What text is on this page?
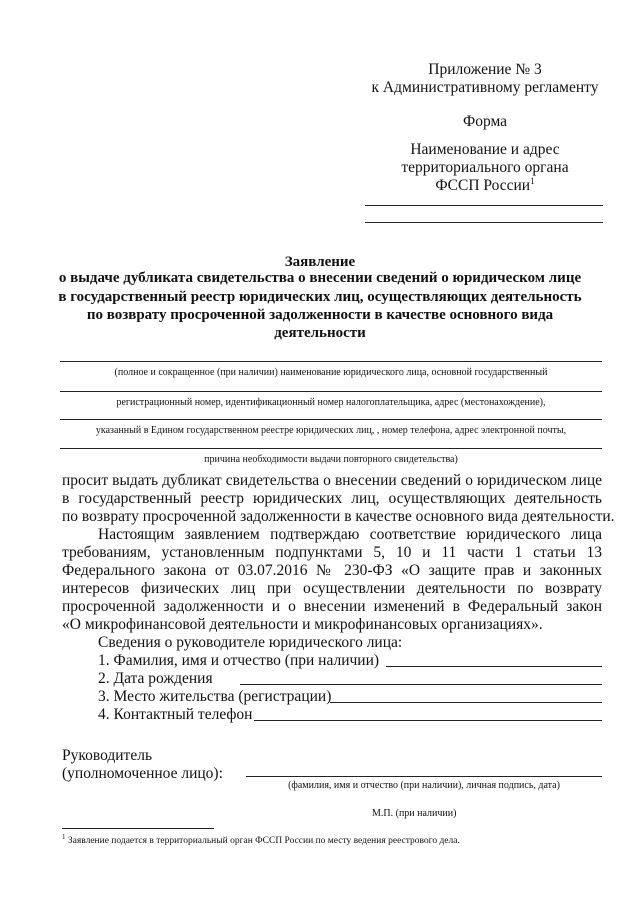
Приложение № 3
к Административному регламенту
Форма
Наименование и адрес
территориального органа
ФССП России$^1$
Заявление
о выдаче дубликата свидетельства о внесении сведений о юридическом лице
в государственный реестр юридических лиц, осуществляющих деятельность
по возврату просроченной задолженности в качестве основного вида
деятельности
(полное и сокращенное (при наличии) наименование юридического лица, основной государственный
регистрационный номер, идентификационный номер налогоплательщика, адрес (местонахождение),
указанный в Едином государственном реестре юридических лиц, , номер телефона, адрес электронной почты,
причина необходимости выдачи повторного свидетельства)
просит выдать дубликат свидетельства о внесении сведений о юридическом лице
в государственный реестр юридических лиц, осуществляющих деятельность
по возврату просроченной задолженности в качестве основного вида деятельности.
Настоящим заявлением подтверждаю соответствие юридического лица
требованиям, установленным подпунктами 5, 10 и 11 части 1 статьи 13
Федерального закона от 03.07.2016 № 230-ФЗ «О защите прав и законных
интересов физических лиц при осуществлении деятельности по возврату
просроченной задолженности и о внесении изменений в Федеральный закон
«О микрофинансовой деятельности и микрофинансовых организациях».
Сведения о руководителе юридического лица:
1. Фамилия, имя и отчество (при наличии)
2. Дата рождения
3. Место жительства (регистрации)
4. Контактный телефон
Руководитель
(уполномоченное лицо):
(фамилия, имя и отчество (при наличии), личная подпись, дата)
М.П. (при наличии)
$^1$ Заявление подается в территориальный орган ФССП России по месту ведения реестрового дела.
